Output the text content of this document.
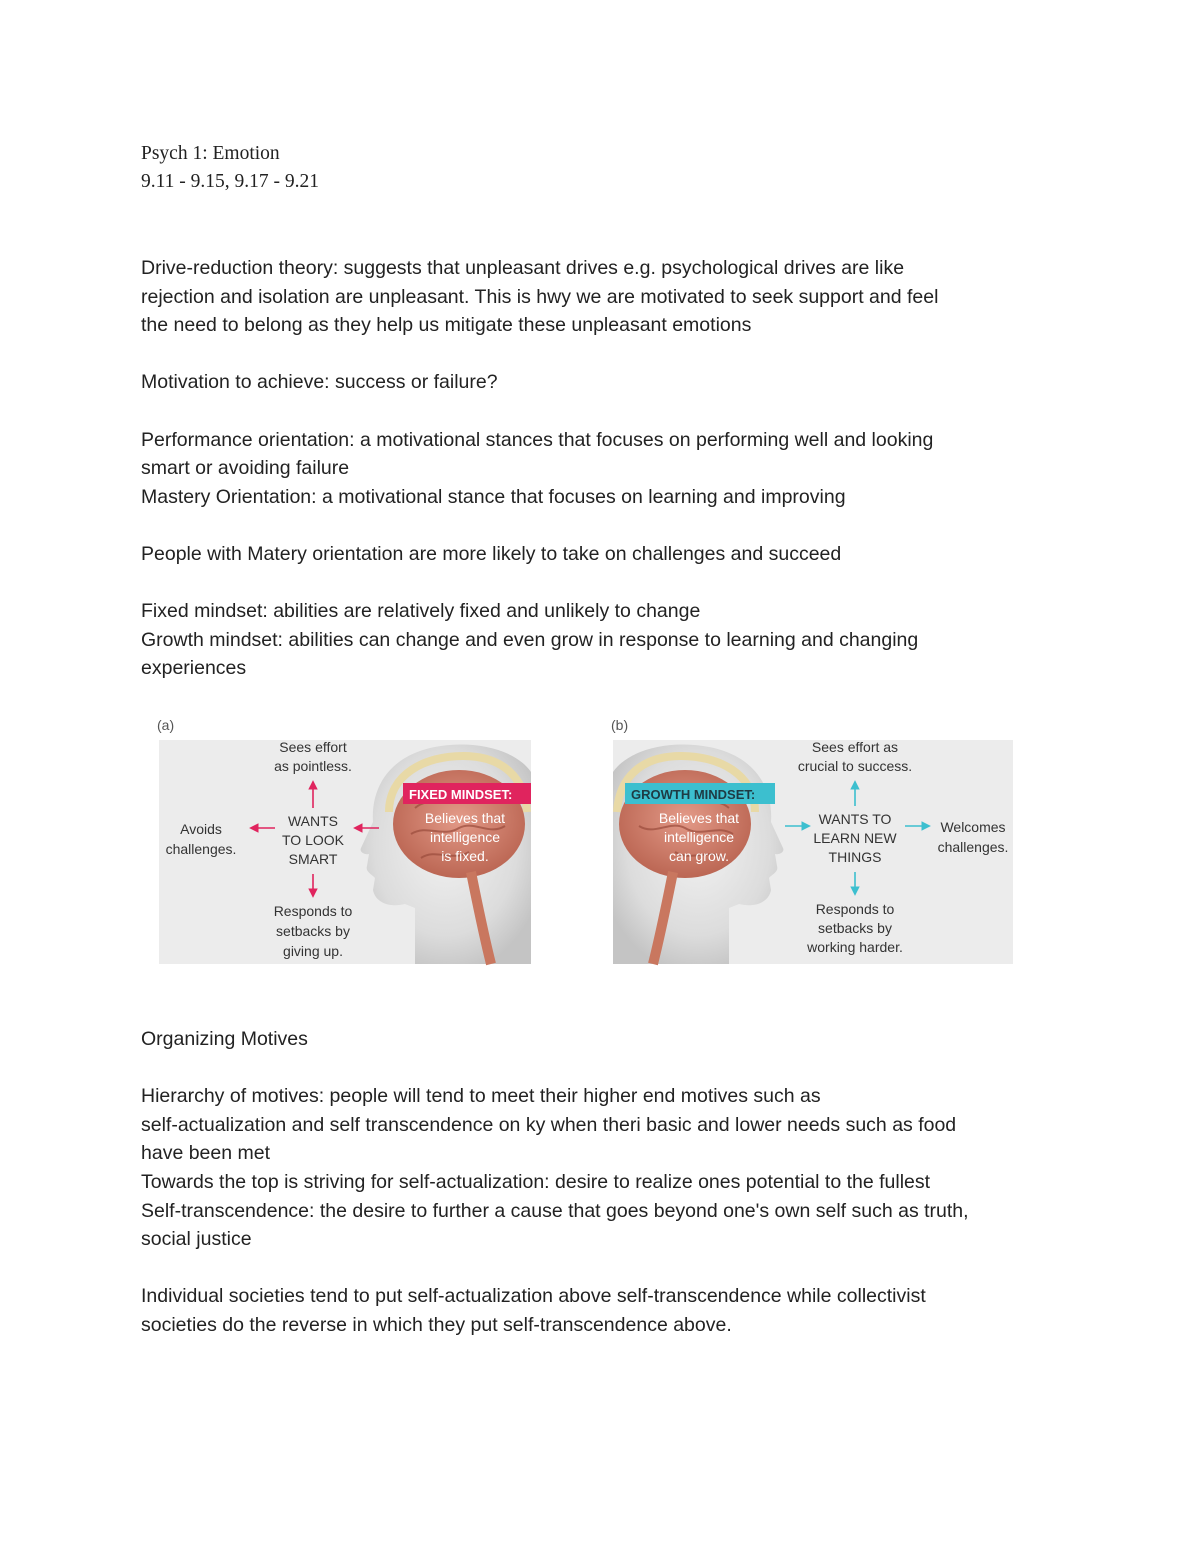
Psych 1: Emotion
9.11 - 9.15, 9.17 - 9.21

Drive-reduction theory: suggests that unpleasant drives e.g. psychological drives are like

rejection and isolation are unpleasant. This is hwy we are motivated to seek support and feel

the need to belong as they help us mitigate these unpleasant emotions

Motivation to achieve: success or failure?

Performance orientation: a motivational stances that focuses on performing well and looking

smart or avoiding failure

Mastery Orientation: a motivational stance that focuses on learning and improving

People with Matery orientation are more likely to take on challenges and succeed

Fixed mindset: abilities are relatively fixed and unlikely to change

Growth mindset: abilities can change and even grow in response to learning and changing

experiences

(a)
FIXED MINDSET:
Believes that
intelligence
is fixed.
Sees effort
as pointless.
WANTS
TO LOOK
SMART
Avoids
challenges.
Responds to
setbacks by
giving up.
(b)
GROWTH MINDSET:
Believes that
intelligence
can grow.
Sees effort as
crucial to success.
WANTS TO
LEARN NEW
THINGS
Welcomes
challenges.
Responds to
setbacks by
working harder.

Organizing Motives

Hierarchy of motives: people will tend to meet their higher end motives such as

self-actualization and self transcendence on ky when theri basic and lower needs such as food

have been met

Towards the top is striving for self-actualization: desire to realize ones potential to the fullest

Self-transcendence: the desire to further a cause that goes beyond one's own self such as truth,

social justice

Individual societies tend to put self-actualization above self-transcendence while collectivist

societies do the reverse in which they put self-transcendence above.
